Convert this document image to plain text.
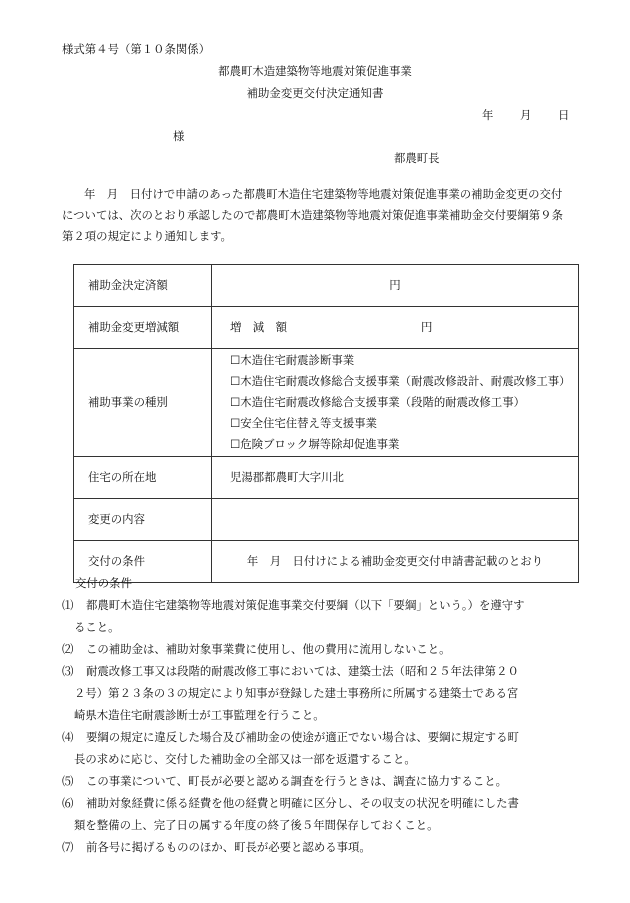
様式第４号（第１０条関係）
都農町木造建築物等地震対策促進事業
補助金変更交付決定通知書
年 月 日
様
都農町長
年　月　日付けで申請のあった都農町木造住宅建築物等地震対策促進事業の補助金変更の交付については、次のとおり承認したので都農町木造建築物等地震対策促進事業補助金交付要綱第９条第２項の規定により通知します。
補助金決定済額	円
補助金変更増減額	増　減　額 円
補助事業の種別	☐木造住宅耐震診断事業
☐木造住宅耐震改修総合支援事業（耐震改修設計、耐震改修工事）
☐木造住宅耐震改修総合支援事業（段階的耐震改修工事）
☐安全住宅住替え等支援事業
☐危険ブロック塀等除却促進事業

住宅の所在地	児湯郡都農町大字川北
変更の内容	
交付の条件	年　月　日付けによる補助金変更交付申請書記載のとおり
交付の条件
⑴ 都農町木造住宅建築物等地震対策促進事業交付要綱（以下「要綱」という。）を遵守す
ること。
⑵ この補助金は、補助対象事業費に使用し、他の費用に流用しないこと。
⑶ 耐震改修工事又は段階的耐震改修工事においては、建築士法（昭和２５年法律第２０
２号）第２３条の３の規定により知事が登録した建士事務所に所属する建築士である宮
崎県木造住宅耐震診断士が工事監理を行うこと。
⑷ 要綱の規定に違反した場合及び補助金の使途が適正でない場合は、要綱に規定する町
長の求めに応じ、交付した補助金の全部又は一部を返還すること。
⑸ この事業について、町長が必要と認める調査を行うときは、調査に協力すること。
⑹ 補助対象経費に係る経費を他の経費と明確に区分し、その収支の状況を明確にした書
類を整備の上、完了日の属する年度の終了後５年間保存しておくこと。
⑺ 前各号に掲げるもののほか、町長が必要と認める事項。
